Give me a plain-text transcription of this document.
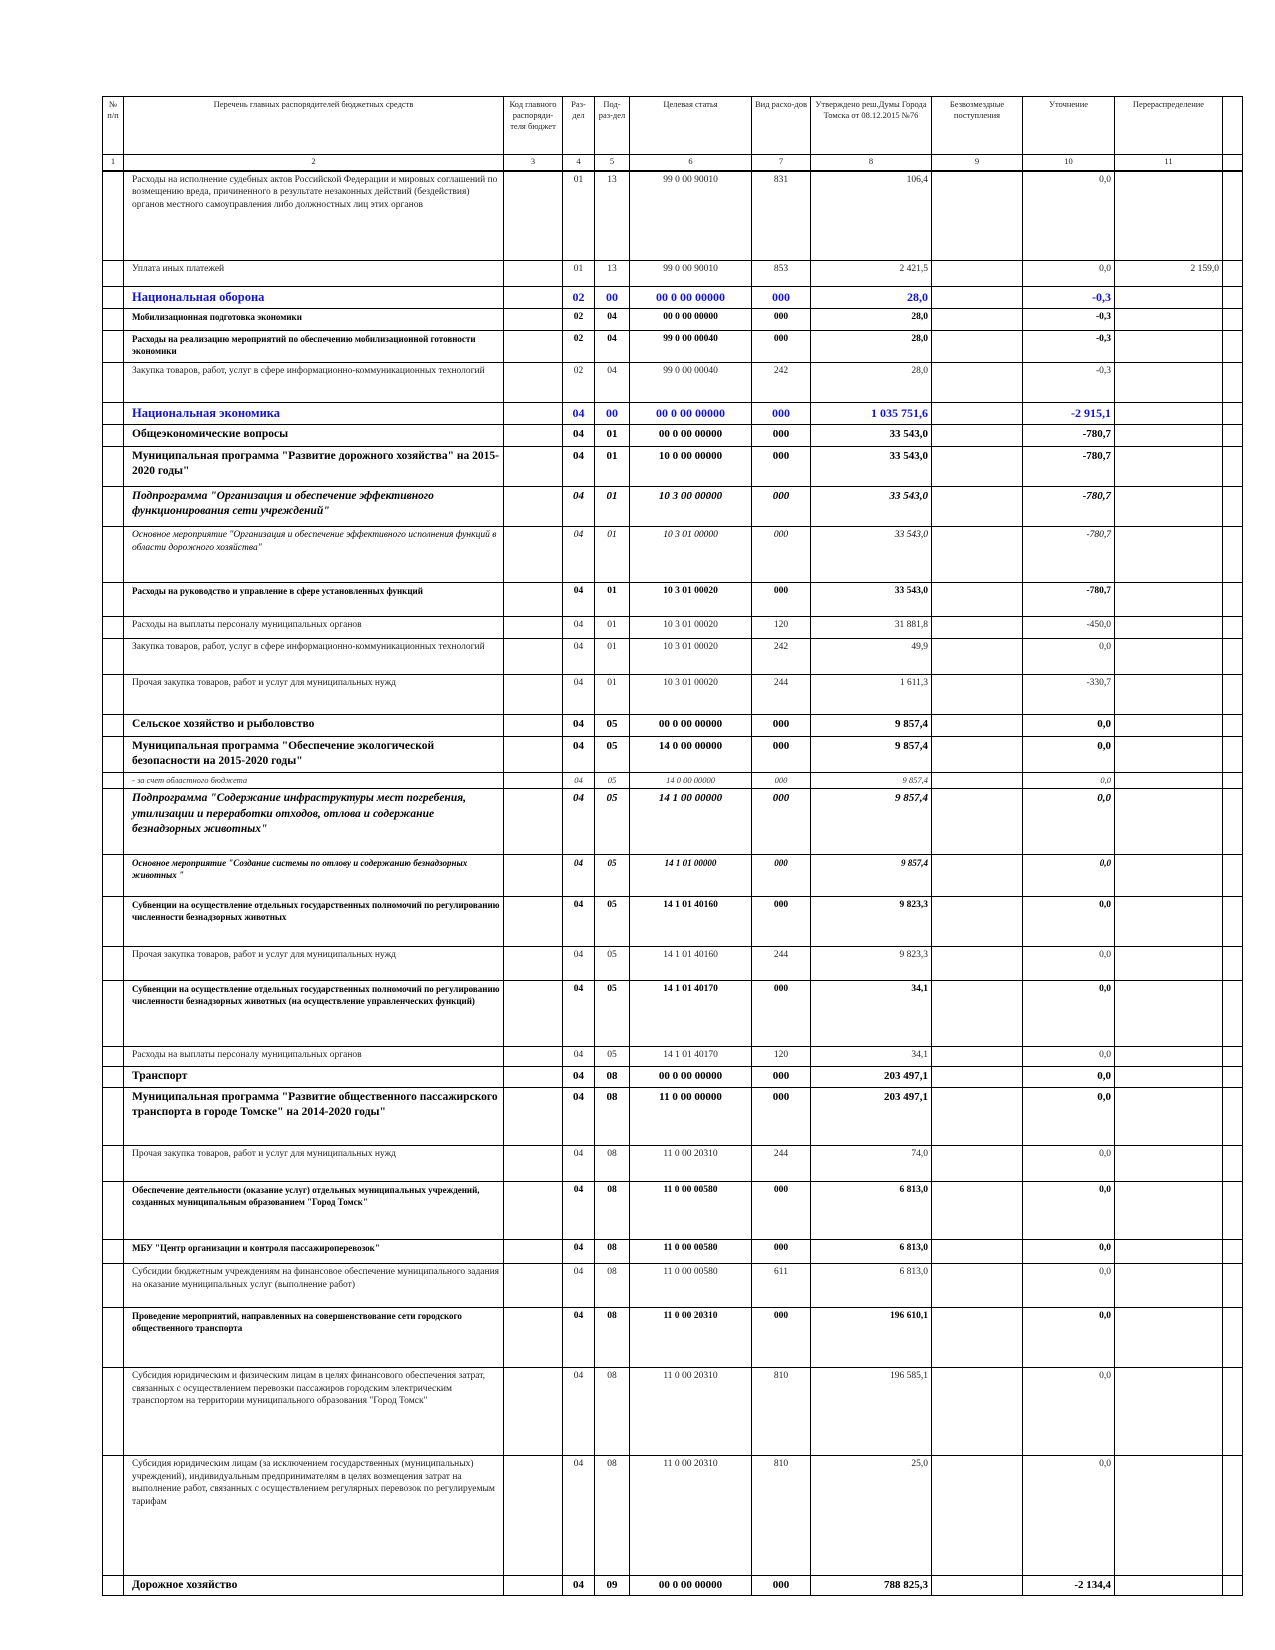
№ п/п	Перечень главных распорядителей бюджетных средств	Код главного распоряди-теля бюджет	Раз-дел	Под-раз-дел	Целевая статья	Вид расхо-дов	Утверждено реш.Думы Города Томска от 08.12.2015 №76	Безвозмездные поступления	Уточнение	Перераспределение	
1	2	3	4	5	6	7	8	9	10	11	
	Расходы на исполнение судебных актов Российской Федерации и мировых соглашений по возмещению вреда, причиненного в результате незаконных действий (бездействия) органов местного самоуправления либо должностных лиц этих органов		01	13	99 0 00 90010	831	106,4		0,0		
	Уплата иных платежей		01	13	99 0 00 90010	853	2 421,5		0,0	2 159,0	
	Национальная оборона		02	00	00 0 00 00000	000	28,0		-0,3		
	Мобилизационная подготовка экономики		02	04	00 0 00 00000	000	28,0		-0,3		
	Расходы на реализацию мероприятий по обеспечению мобилизационной готовности экономики		02	04	99 0 00 00040	000	28,0		-0,3		
	Закупка товаров, работ, услуг в сфере информационно-коммуникационных технологий		02	04	99 0 00 00040	242	28,0		-0,3		
	Национальная экономика		04	00	00 0 00 00000	000	1 035 751,6		-2 915,1		
	Общеэкономические вопросы		04	01	00 0 00 00000	000	33 543,0		-780,7		
	Муниципальная программа "Развитие дорожного хозяйства" на 2015-2020 годы"		04	01	10 0 00 00000	000	33 543,0		-780,7		
	Подпрограмма "Организация и обеспечение эффективного функционирования сети учреждений"		04	01	10 3 00 00000	000	33 543,0		-780,7		
	Основное мероприятие "Организация и обеспечение эффективного исполнения функций в области дорожного хозяйства"		04	01	10 3 01 00000	000	33 543,0		-780,7		
	Расходы на руководство и управление в сфере установленных функций		04	01	10 3 01 00020	000	33 543,0		-780,7		
	Расходы на выплаты персоналу муниципальных органов		04	01	10 3 01 00020	120	31 881,8		-450,0		
	Закупка товаров, работ, услуг в сфере информационно-коммуникационных технологий		04	01	10 3 01 00020	242	49,9		0,0		
	Прочая закупка товаров, работ и услуг для муниципальных нужд		04	01	10 3 01 00020	244	1 611,3		-330,7		
	Сельское хозяйство и рыболовство		04	05	00 0 00 00000	000	9 857,4		0,0		
	Муниципальная программа "Обеспечение экологической безопасности на 2015-2020 годы"		04	05	14 0 00 00000	000	9 857,4		0,0		
	- за счет областного бюджета		04	05	14 0 00 00000	000	9 857,4		0,0		
	Подпрограмма "Содержание инфраструктуры мест погребения, утилизации и переработки отходов, отлова и содержание безнадзорных животных"		04	05	14 1 00 00000	000	9 857,4		0,0		
	Основное мероприятие "Создание системы по отлову и содержанию безнадзорных животных "		04	05	14 1 01 00000	000	9 857,4		0,0		
	Субвенции на осуществление отдельных государственных полномочий по регулированию численности безнадзорных животных		04	05	14 1 01 40160	000	9 823,3		0,0		
	Прочая закупка товаров, работ и услуг для муниципальных нужд		04	05	14 1 01 40160	244	9 823,3		0,0		
	Субвенции на осуществление отдельных государственных полномочий по регулированию численности безнадзорных животных (на осуществление управленческих функций)		04	05	14 1 01 40170	000	34,1		0,0		
	Расходы на выплаты персоналу муниципальных органов		04	05	14 1 01 40170	120	34,1		0,0		
	Транспорт		04	08	00 0 00 00000	000	203 497,1		0,0		
	Муниципальная программа "Развитие общественного пассажирского транспорта в городе Томске" на 2014-2020 годы"		04	08	11 0 00 00000	000	203 497,1		0,0		
	Прочая закупка товаров, работ и услуг для муниципальных нужд		04	08	11 0 00 20310	244	74,0		0,0		
	Обеспечение деятельности (оказание услуг) отдельных муниципальных учреждений, созданных муниципальным образованием "Город Томск"		04	08	11 0 00 00580	000	6 813,0		0,0		
	МБУ "Центр организации и контроля пассажироперевозок"		04	08	11 0 00 00580	000	6 813,0		0,0		
	Субсидии бюджетным учреждениям на финансовое обеспечение муниципального задания на оказание муниципальных услуг (выполнение работ)		04	08	11 0 00 00580	611	6 813,0		0,0		
	Проведение мероприятий, направленных на совершенствование сети городского общественного транспорта		04	08	11 0 00 20310	000	196 610,1		0,0		
	Субсидия юридическим и физическим лицам в целях финансового обеспечения затрат, связанных с осуществлением перевозки пассажиров городским электрическим транспортом на территории муниципального образования "Город Томск"		04	08	11 0 00 20310	810	196 585,1		0,0		
	Субсидия юридическим лицам (за исключением государственных (муниципальных) учреждений), индивидуальным предпринимателям в целях возмещения затрат на выполнение работ, связанных с осуществлением регулярных перевозок по регулируемым тарифам		04	08	11 0 00 20310	810	25,0		0,0		
	Дорожное хозяйство		04	09	00 0 00 00000	000	788 825,3		-2 134,4		
